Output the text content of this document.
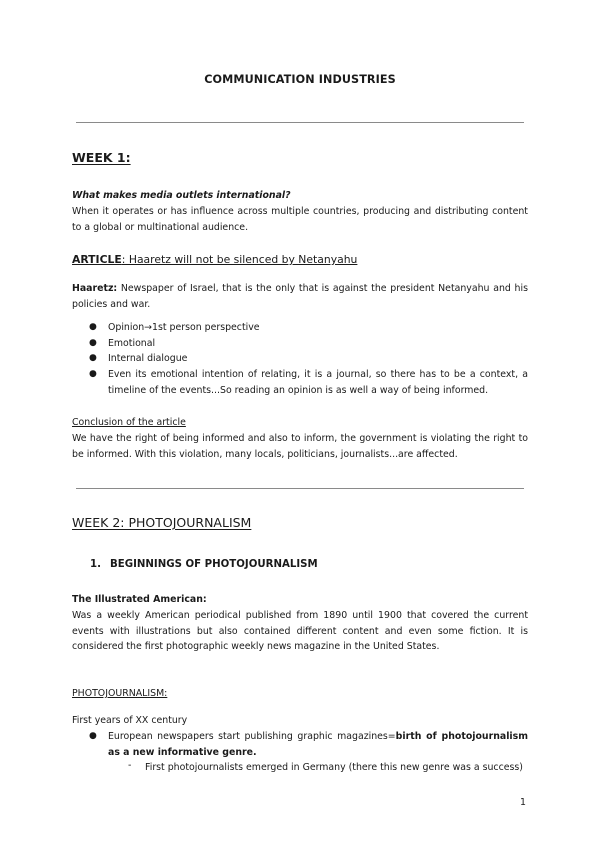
COMMUNICATION INDUSTRIES
WEEK 1:
What makes media outlets international?
When it operates or has influence across multiple countries, producing and distributing content to a global or multinational audience.
ARTICLE: Haaretz will not be silenced by Netanyahu
Haaretz: Newspaper of Israel, that is the only that is against the president Netanyahu and his policies and war.
● Opinion→1st person perspective
● Emotional
● Internal dialogue
● Even its emotional intention of relating, it is a journal, so there has to be a context, a timeline of the events...So reading an opinion is as well a way of being informed.
Conclusion of the article
We have the right of being informed and also to inform, the government is violating the right to be informed. With this violation, many locals, politicians, journalists...are affected.
WEEK 2: PHOTOJOURNALISM
1. BEGINNINGS OF PHOTOJOURNALISM
The Illustrated American:
Was a weekly American periodical published from 1890 until 1900 that covered the current events with illustrations but also contained different content and even some fiction. It is considered the first photographic weekly news magazine in the United States.
PHOTOJOURNALISM:
First years of XX century
● European newspapers start publishing graphic magazines=birth of photojournalism as a new informative genre.
- First photojournalists emerged in Germany (there this new genre was a success)
1
